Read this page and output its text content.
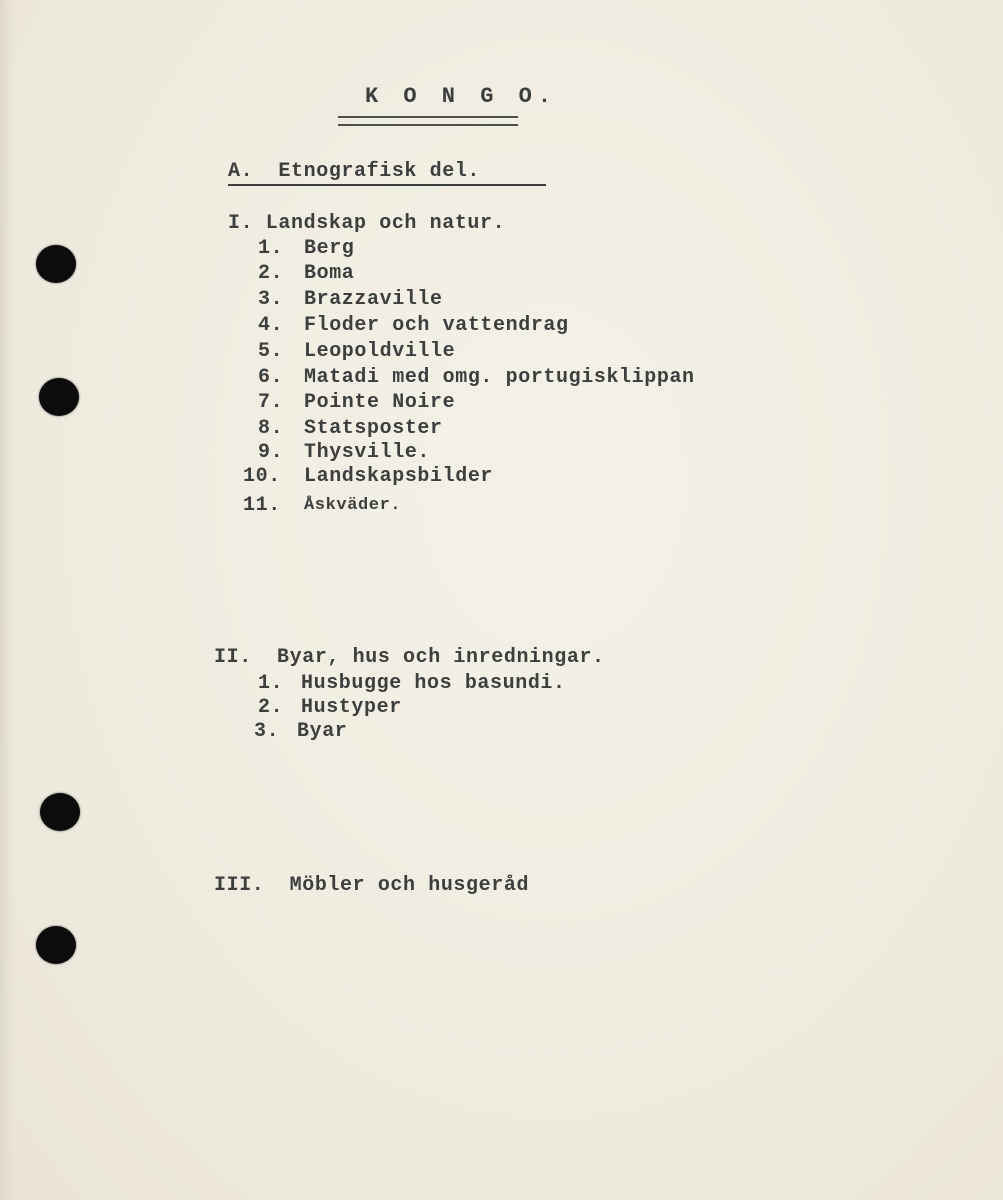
K O N G O.
A.  Etnografisk del.
I. Landskap och natur.
1. Berg
2. Boma
3. Brazzaville
4. Floder och vattendrag
5. Leopoldville
6. Matadi med omg. portugisklippan
7. Pointe Noire
8. Statsposter
9. Thysville.
10. Landskapsbilder
11. Åskväder.
II.  Byar, hus och inredningar.
1. Husbugge hos basundi.
2. Hustyper
3. Byar
III.  Möbler och husgeråd
